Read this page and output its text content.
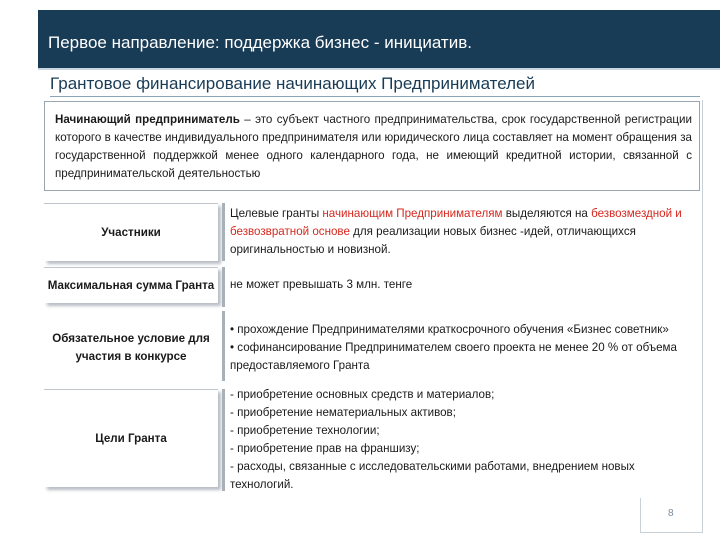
Первое направление: поддержка бизнес - инициатив.
Грантовое финансирование начинающих Предпринимателей
Начинающий предприниматель – это субъект частного предпринимательства, срок государственной регистрации которого в качестве индивидуального предпринимателя или юридического лица составляет на момент обращения за государственной поддержкой менее одного календарного года, не имеющий кредитной истории, связанной с предпринимательской деятельностью
Участники
Целевые гранты начинающим Предпринимателям выделяются на безвозмездной и безвозвратной основе для реализации новых бизнес -идей, отличающихся оригинальностью и новизной.
Максимальная сумма Гранта	не может превышать 3 млн. тенге
Обязательное условие для участия в конкурсе
• прохождение Предпринимателями краткосрочного обучения «Бизнес советник»
• софинансирование Предпринимателем своего проекта не менее 20 % от объема предоставляемого Гранта
Цели Гранта
- приобретение основных средств и материалов;
- приобретение нематериальных активов;
- приобретение технологии;
- приобретение прав на франшизу;
- расходы, связанные с исследовательскими работами, внедрением новых технологий.
8
